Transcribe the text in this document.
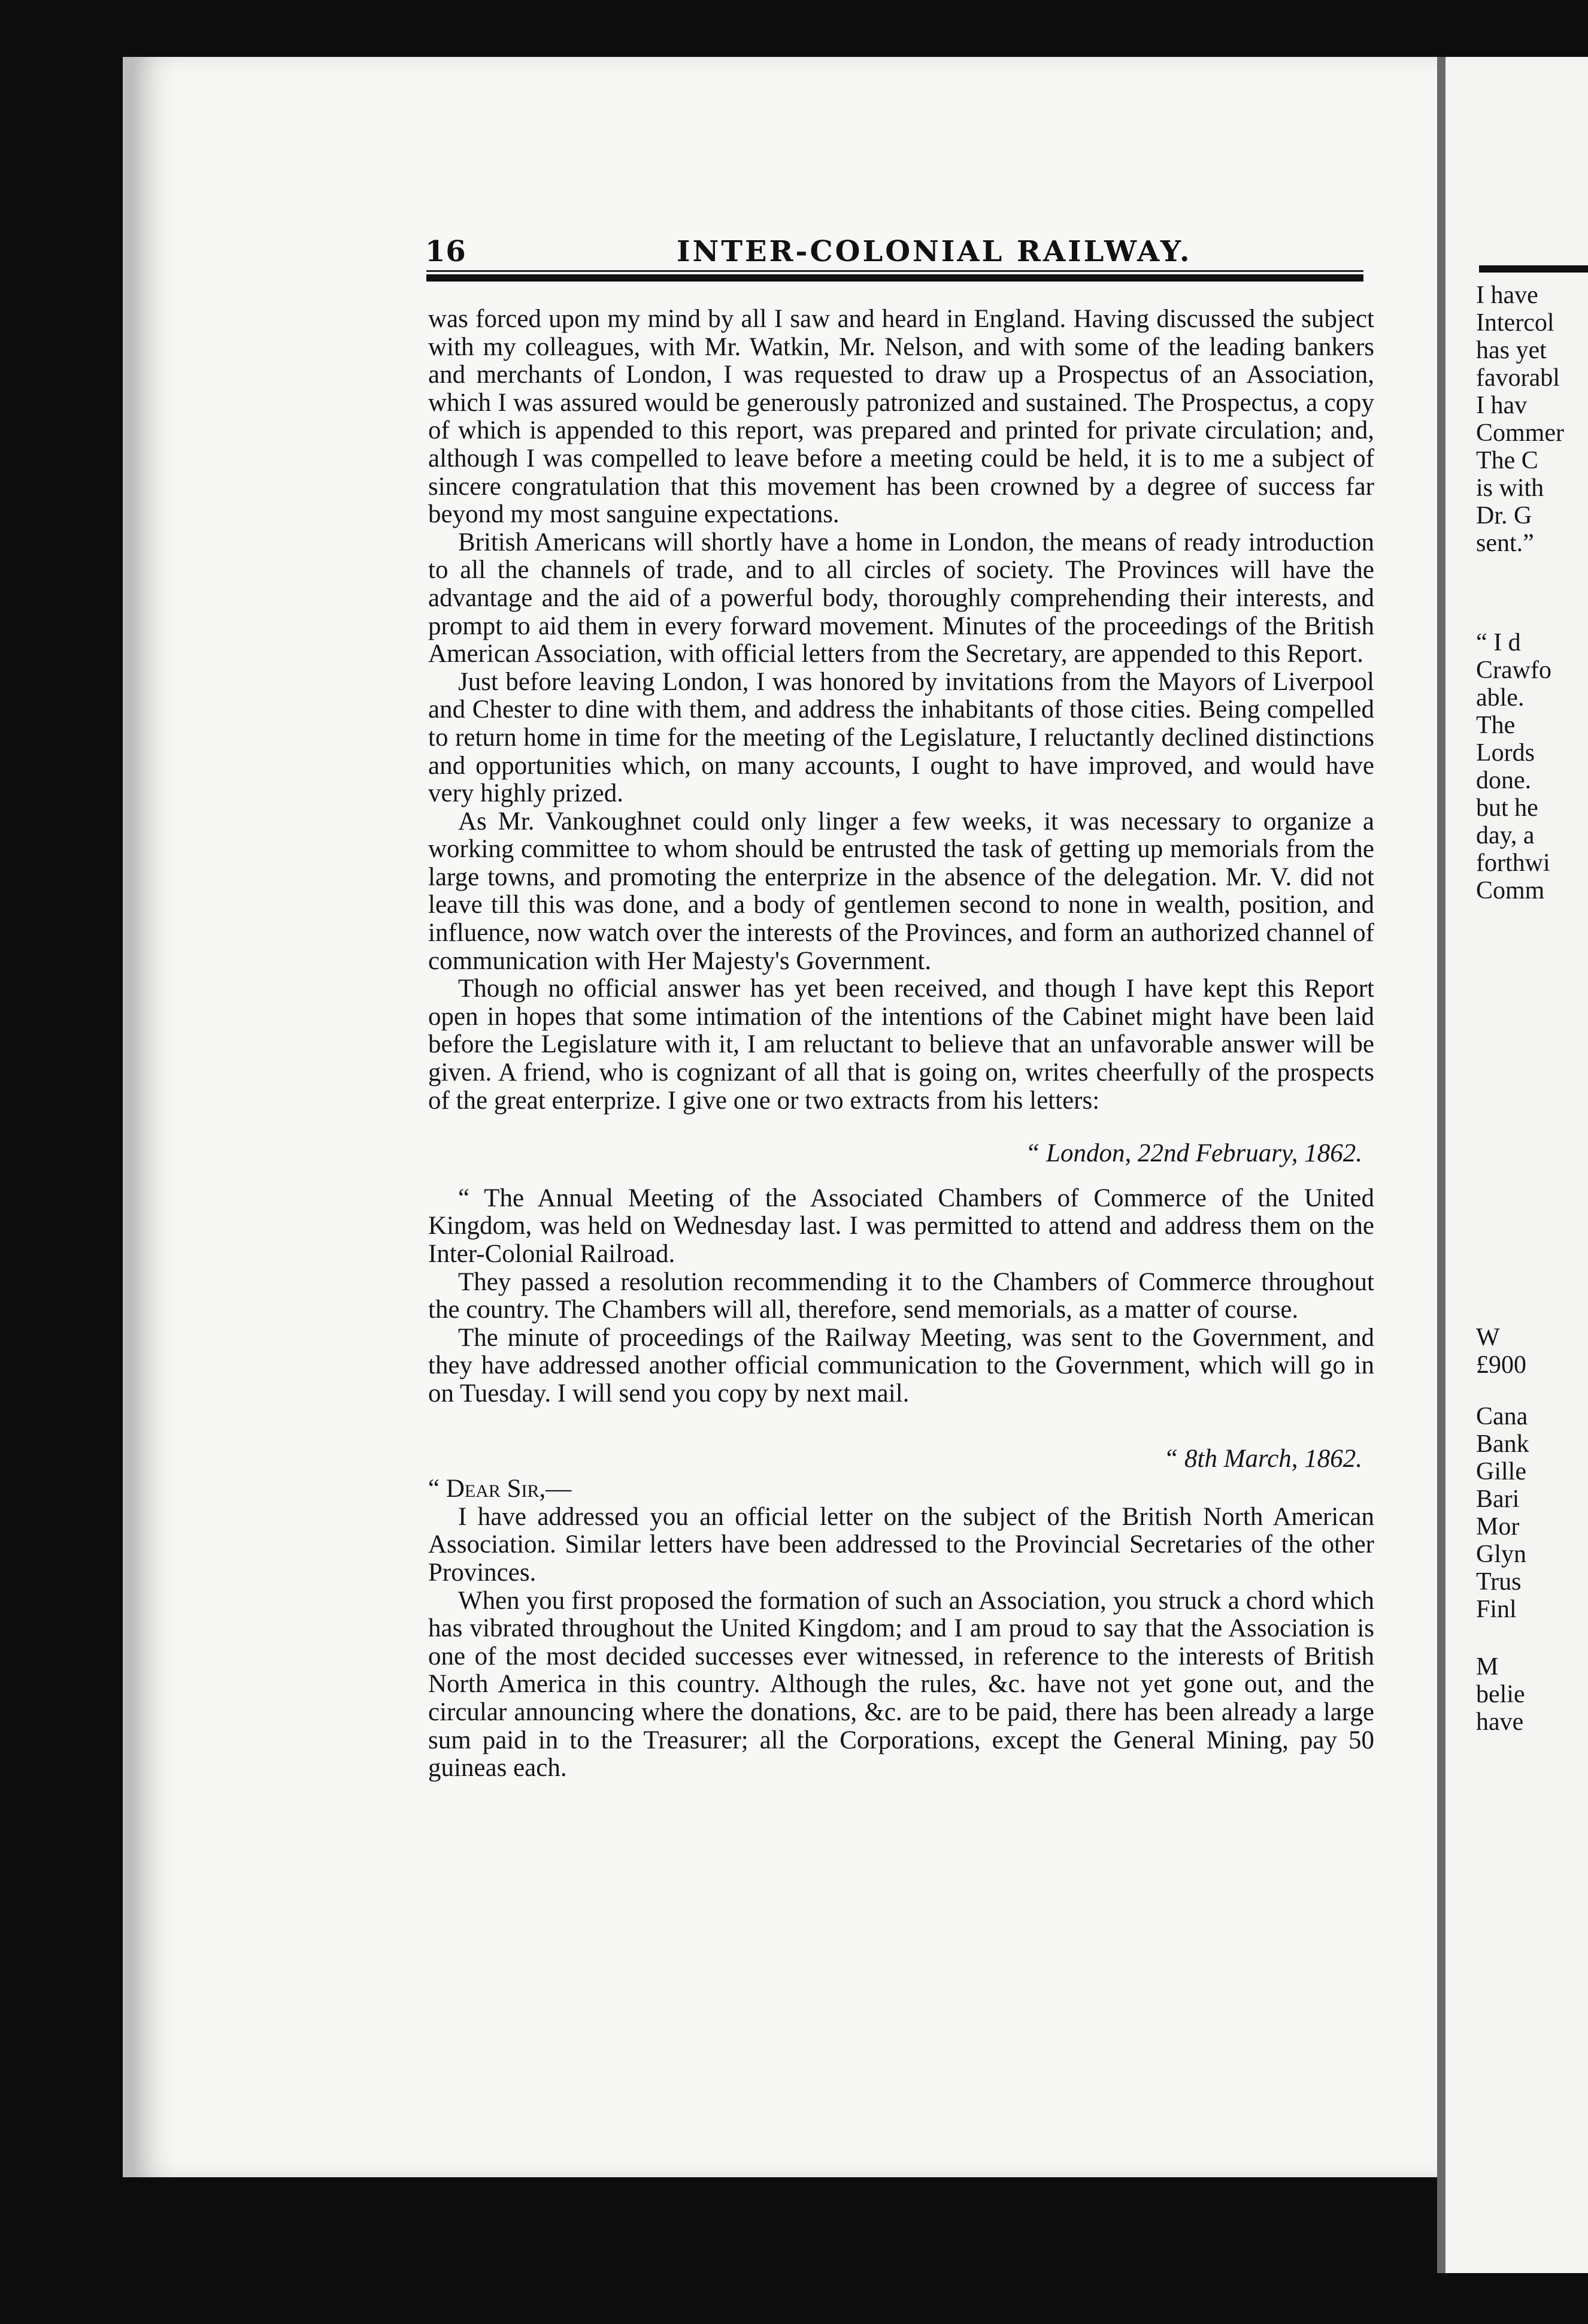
16	INTER-COLONIAL RAILWAY.

was forced upon my mind by all I saw and heard in England. Having discussed the subject with my colleagues, with Mr. Watkin, Mr. Nelson, and with some of the leading bankers and merchants of London, I was requested to draw up a Prospectus of an Association, which I was assured would be generously patronized and sustained. The Prospectus, a copy of which is appended to this report, was prepared and printed for private circulation; and, although I was compelled to leave before a meeting could be held, it is to me a subject of sincere congratulation that this movement has been crowned by a degree of success far beyond my most sanguine expectations.

British Americans will shortly have a home in London, the means of ready introduction to all the channels of trade, and to all circles of society. The Provinces will have the advantage and the aid of a powerful body, thoroughly comprehending their interests, and prompt to aid them in every forward movement. Minutes of the proceedings of the British American Association, with official letters from the Secretary, are appended to this Report.

Just before leaving London, I was honored by invitations from the Mayors of Liverpool and Chester to dine with them, and address the inhabitants of those cities. Being compelled to return home in time for the meeting of the Legislature, I reluctantly declined distinctions and opportunities which, on many accounts, I ought to have improved, and would have very highly prized.

As Mr. Vankoughnet could only linger a few weeks, it was necessary to organize a working committee to whom should be entrusted the task of getting up memorials from the large towns, and promoting the enterprize in the absence of the delegation. Mr. V. did not leave till this was done, and a body of gentlemen second to none in wealth, position, and influence, now watch over the interests of the Provinces, and form an authorized channel of communication with Her Majesty's Government.

Though no official answer has yet been received, and though I have kept this Report open in hopes that some intimation of the intentions of the Cabinet might have been laid before the Legislature with it, I am reluctant to believe that an unfavorable answer will be given. A friend, who is cognizant of all that is going on, writes cheerfully of the prospects of the great enterprize. I give one or two extracts from his letters:

“ London, 22nd February, 1862.

“ The Annual Meeting of the Associated Chambers of Commerce of the United Kingdom, was held on Wednesday last. I was permitted to attend and address them on the Inter-Colonial Railroad.

They passed a resolution recommending it to the Chambers of Commerce throughout the country. The Chambers will all, therefore, send memorials, as a matter of course.

The minute of proceedings of the Railway Meeting, was sent to the Government, and they have addressed another official communication to the Government, which will go in on Tuesday. I will send you copy by next mail.

“ 8th March, 1862.

“ Dear Sir,—

I have addressed you an official letter on the subject of the British North American Association. Similar letters have been addressed to the Provincial Secretaries of the other Provinces.

When you first proposed the formation of such an Association, you struck a chord which has vibrated throughout the United Kingdom; and I am proud to say that the Association is one of the most decided successes ever witnessed, in reference to the interests of British North America in this country. Although the rules, &c. have not yet gone out, and the circular announcing where the donations, &c. are to be paid, there has been already a large sum paid in to the Treasurer; all the Corporations, except the General Mining, pay 50 guineas each.

I have
Intercol
has yet
favorabl
I hav
Commer
The C
is with
Dr. G
sent.”
“ I d
Crawfo
able.
The
Lords
done.
but he
day, a
forthwi
Comm
W
£900
Cana
Bank
Gille
Bari
Mor
Glyn
Trus
Finl
M
belie
have
